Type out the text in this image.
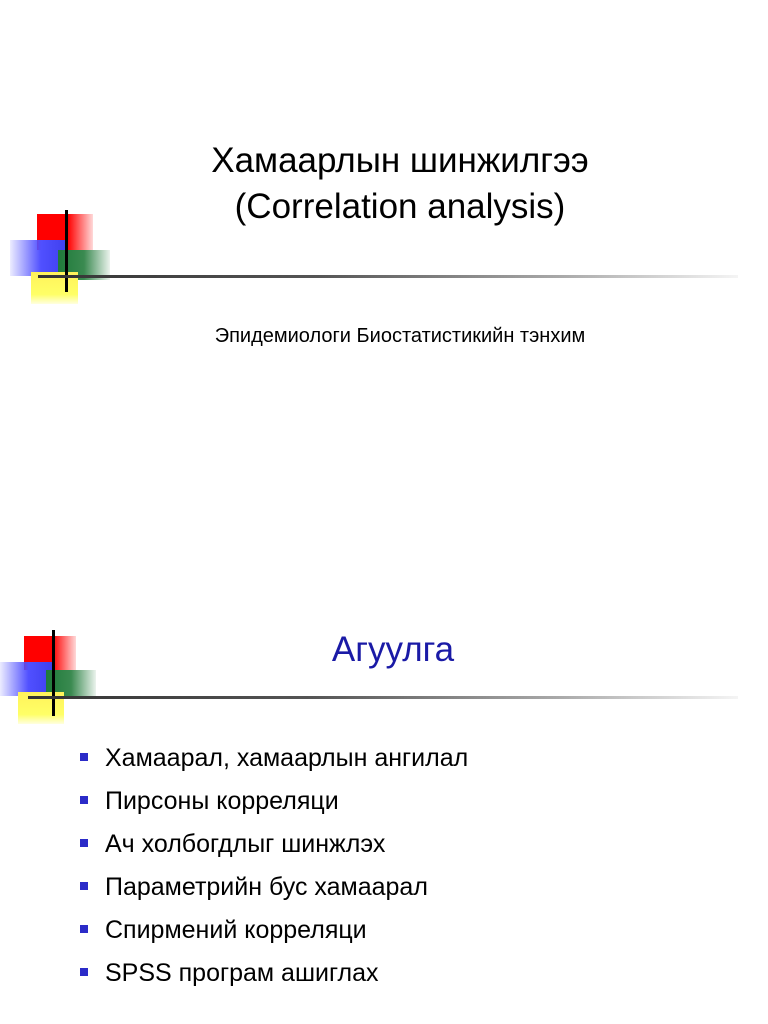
Хамаарлын шинжилгээ
(Correlation analysis)
Эпидемиологи Биостатистикийн тэнхим
Агуулга
Хамаарал, хамаарлын ангилал
Пирсоны корреляци
Ач холбогдлыг шинжлэх
Параметрийн бус хамаарал
Спирмений корреляци
SPSS програм ашиглах
